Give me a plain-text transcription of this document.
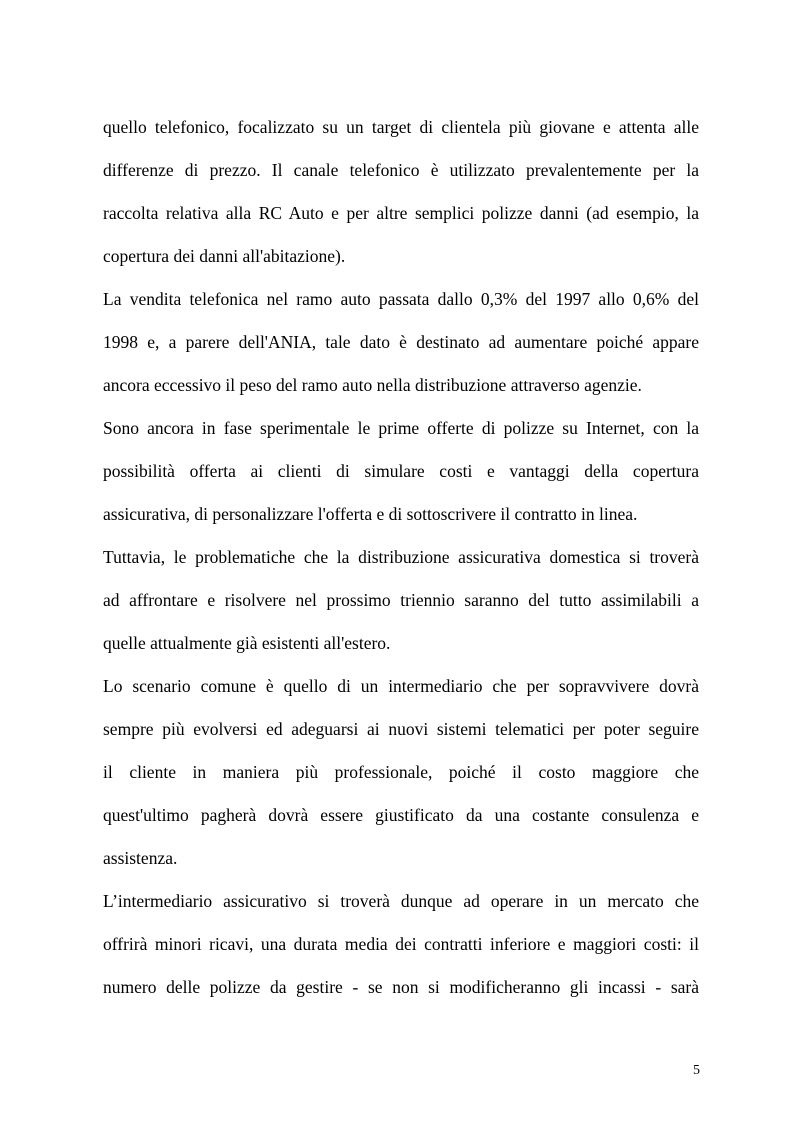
quello telefonico, focalizzato su un target di clientela più giovane e attenta alle
differenze di prezzo. Il canale telefonico è utilizzato prevalentemente per la
raccolta relativa alla RC Auto e per altre semplici polizze danni (ad esempio, la
copertura dei danni all'abitazione).
La vendita telefonica nel ramo auto passata dallo 0,3% del 1997 allo 0,6% del
1998 e, a parere dell'ANIA, tale dato è destinato ad aumentare poiché appare
ancora eccessivo il peso del ramo auto nella distribuzione attraverso agenzie.
Sono ancora in fase sperimentale le prime offerte di polizze su Internet, con la
possibilità offerta ai clienti di simulare costi e vantaggi della copertura
assicurativa, di personalizzare l'offerta e di sottoscrivere il contratto in linea.
Tuttavia, le problematiche che la distribuzione assicurativa domestica si troverà
ad affrontare e risolvere nel prossimo triennio saranno del tutto assimilabili a
quelle attualmente già esistenti all'estero.
Lo scenario comune è quello di un intermediario che per sopravvivere dovrà
sempre più evolversi ed adeguarsi ai nuovi sistemi telematici per poter seguire
il cliente in maniera più professionale, poiché il costo maggiore che
quest'ultimo pagherà dovrà essere giustificato da una costante consulenza e
assistenza.
L’intermediario assicurativo si troverà dunque ad operare in un mercato che
offrirà minori ricavi, una durata media dei contratti inferiore e maggiori costi: il
numero delle polizze da gestire - se non si modificheranno gli incassi - sarà
5
